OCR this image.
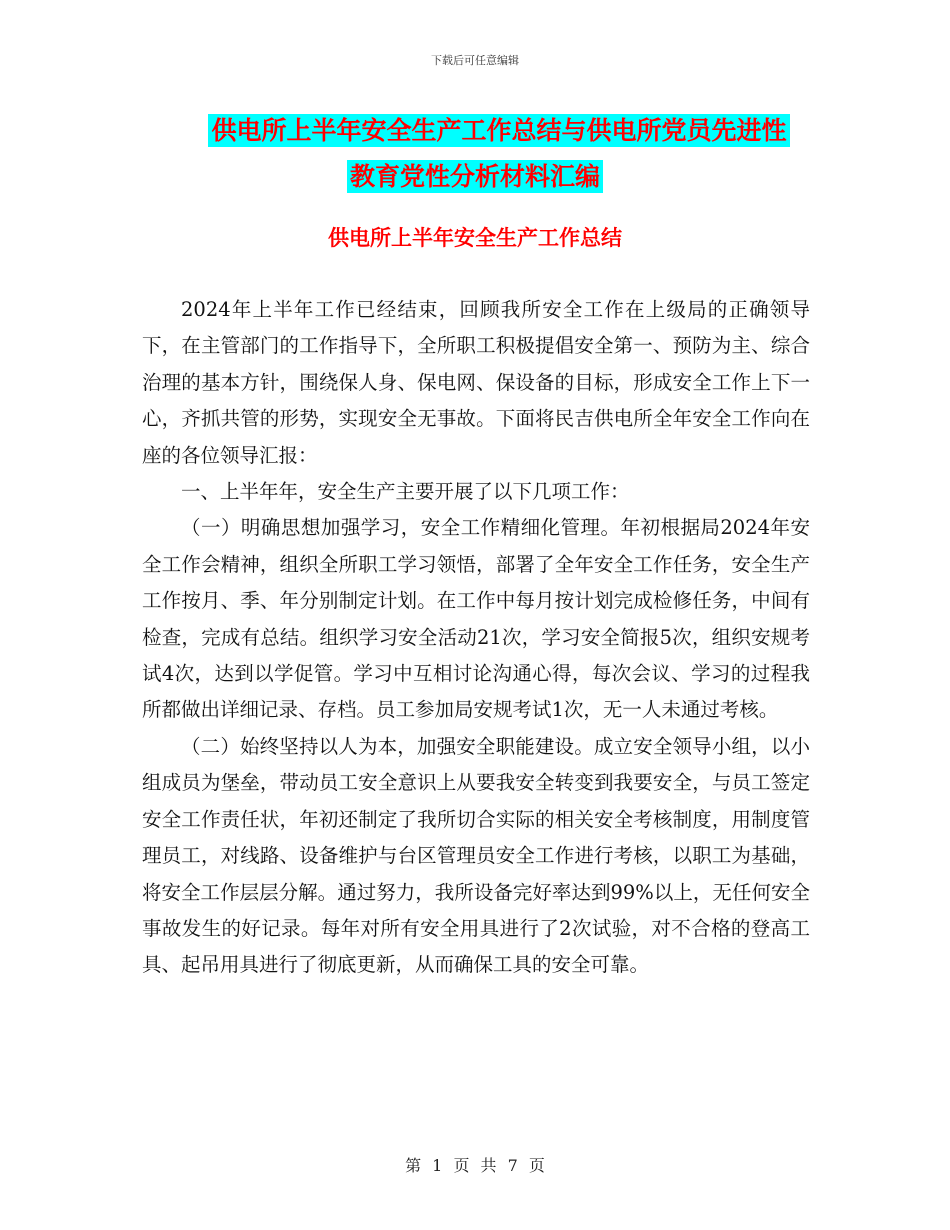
下载后可任意编辑
供电所上半年安全生产工作总结与供电所党员先进性
教育党性分析材料汇编
供电所上半年安全生产工作总结

2024年上半年工作已经结束，回顾我所安全工作在上级局的正确领导下，在主管部门的工作指导下，全所职工积极提倡安全第一、预防为主、综合治理的基本方针，围绕保人身、保电网、保设备的目标，形成安全工作上下一心，齐抓共管的形势，实现安全无事故。下面将民吉供电所全年安全工作向在座的各位领导汇报：

一、上半年年，安全生产主要开展了以下几项工作：

（一）明确思想加强学习，安全工作精细化管理。年初根据局2024年安全工作会精神，组织全所职工学习领悟，部署了全年安全工作任务，安全生产工作按月、季、年分别制定计划。在工作中每月按计划完成检修任务，中间有检查，完成有总结。组织学习安全活动21次，学习安全简报5次，组织安规考试4次，达到以学促管。学习中互相讨论沟通心得，每次会议、学习的过程我所都做出详细记录、存档。员工参加局安规考试1次，无一人未通过考核。

（二）始终坚持以人为本，加强安全职能建设。成立安全领导小组，以小组成员为堡垒，带动员工安全意识上从要我安全转变到我要安全，与员工签定安全工作责任状，年初还制定了我所切合实际的相关安全考核制度，用制度管理员工，对线路、设备维护与台区管理员安全工作进行考核，以职工为基础，将安全工作层层分解。通过努力，我所设备完好率达到99%以上，无任何安全事故发生的好记录。每年对所有安全用具进行了2次试验，对不合格的登高工具、起吊用具进行了彻底更新，从而确保工具的安全可靠。

第 1 页 共 7 页
